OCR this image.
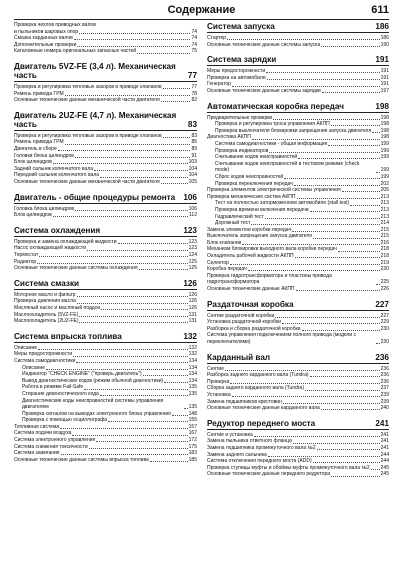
Содержание	611
Проверка чехлов приводных валов
и пыльников шаровых опор	74
Смазка карданных валов	74
Дополнительные проверки	74
Каталожные номера оригинальных запасных частей	75
Двигатель 5VZ-FE (3,4 л). Механическая часть	77
Проверка и регулировка тепловых зазоров в приводе клапанов	77
Ремень привода ГРМ	78
Основные технические данные механической части двигателя	82
Двигатель 2UZ-FE (4,7 л). Механическая часть	83
Проверка и регулировка тепловых зазоров в приводе клапанов	83
Ремень привода ГРМ	85
Двигатель в сборе	89
Головки блока цилиндров	91
Блок цилиндров	103
Задний сальник коленчатого вала	104
Передний сальник коленчатого вала	104
Основные технические данные механической части двигателя	105
Двигатель - общие процедуры ремонта 106
Головка блока цилиндров	106
Блок цилиндров	112
Система охлаждения	123
Проверка и замена охлаждающей жидкости	123
Насос охлаждающей жидкости	123
Термостат	124
Радиатор	125
Основные технические данные системы охлаждения	125
Система смазки	126
Моторное масло и фильтр	126
Проверка давления масла	126
Масляный насос и масляный поддон	126
Маслоохладитель (5VZ-FE)	131
Маслоохладитель (2UZ-FE)	131
Система впрыска топлива	132
Описание	132
Меры предосторожности	132
Система самодиагностики	134
Описание	134
Индикатор "CHECK ENGINE" ("проверь двигатель")	134
Вывод диагностических кодов (режим обычной диагностики)	134
Работа в режиме Fail-Safe	135
Стирание диагностического кода	135
Диагностические коды неисправностей системы управления двигателем	135
Проверка сигналов на выводах электронного блока управления	148
Проверка с помощью осциллографа	155
Топливная система	157
Система подачи воздуха	167
Система электронного управления	172
Система снижения токсичности	175
Система зажигания	183
Основные технические данные системы впрыска топлива	185
Система запуска	186
Стартер	186
Основные технические данные системы запуска	190
Система зарядки	191
Меры предосторожности	191
Проверка на автомобиле	191
Генератор	191
Основные технические данные системы зарядки	197
Автоматическая коробка передач	198
Предварительные проверки	198
Проверка и регулировка троса управления АКПП	198
Проверка выключателя блокировки запрещения запуска двигателя 198
Диагностика АКПП	198
Система самодиагностики - общая информация	199
Проверка индикаторов	199
Считывание кодов неисправностей	199
Считывание кодов неисправностей в тестовом режиме (check mode)	199
Сброс кодов неисправностей	199
Проверка переключения передач	202
Проверка элементов электрической системы управления	205
Проверка механических систем АКПП	213
Тест на полностью заторможенном автомобиле (stall test)	213
Проверка времени включения передачи	213
Гидравлический тест	213
Дорожный тест	214
Замена элементов коробки передач	215
Выключатель запрещения запуска двигателя	215
Блок клапанов	216
Механизм блокировки выходного вала коробки передач	218
Охладитель рабочей жидкости АКПП	218
Селектор	219
Коробка передач	220
Проверка гидротрансформатора и пластины привода гидротрансформатора	225
Основные технические данные АКПП	226
Раздаточная коробка	227
Снятие раздаточной коробки	227
Установка раздаточной коробки	229
Разборка и сборка раздаточной коробки	230
Система управления подключением полного привода (модели с переключателями)	230
Карданный вал	236
Снятие	236
Разборка заднего карданного вала (Tundra)	236
Проверка	236
Сборка заднего карданного вала (Tundra)	237
Установка	239
Замена подшипников крестовин	239
Основные технические данные карданного вала	240
Редуктор переднего моста	241
Снятие и установка	241
Замена пыльника ответного фланца	241
Замена подшипника промежуточного вала №2	241
Замена заднего сальника	244
Система отключения переднего моста (ADD)	244
Проверка ступицы муфты и обоймы муфты промежуточного вала №2 245
Основные технические данные переднего редуктора	245
